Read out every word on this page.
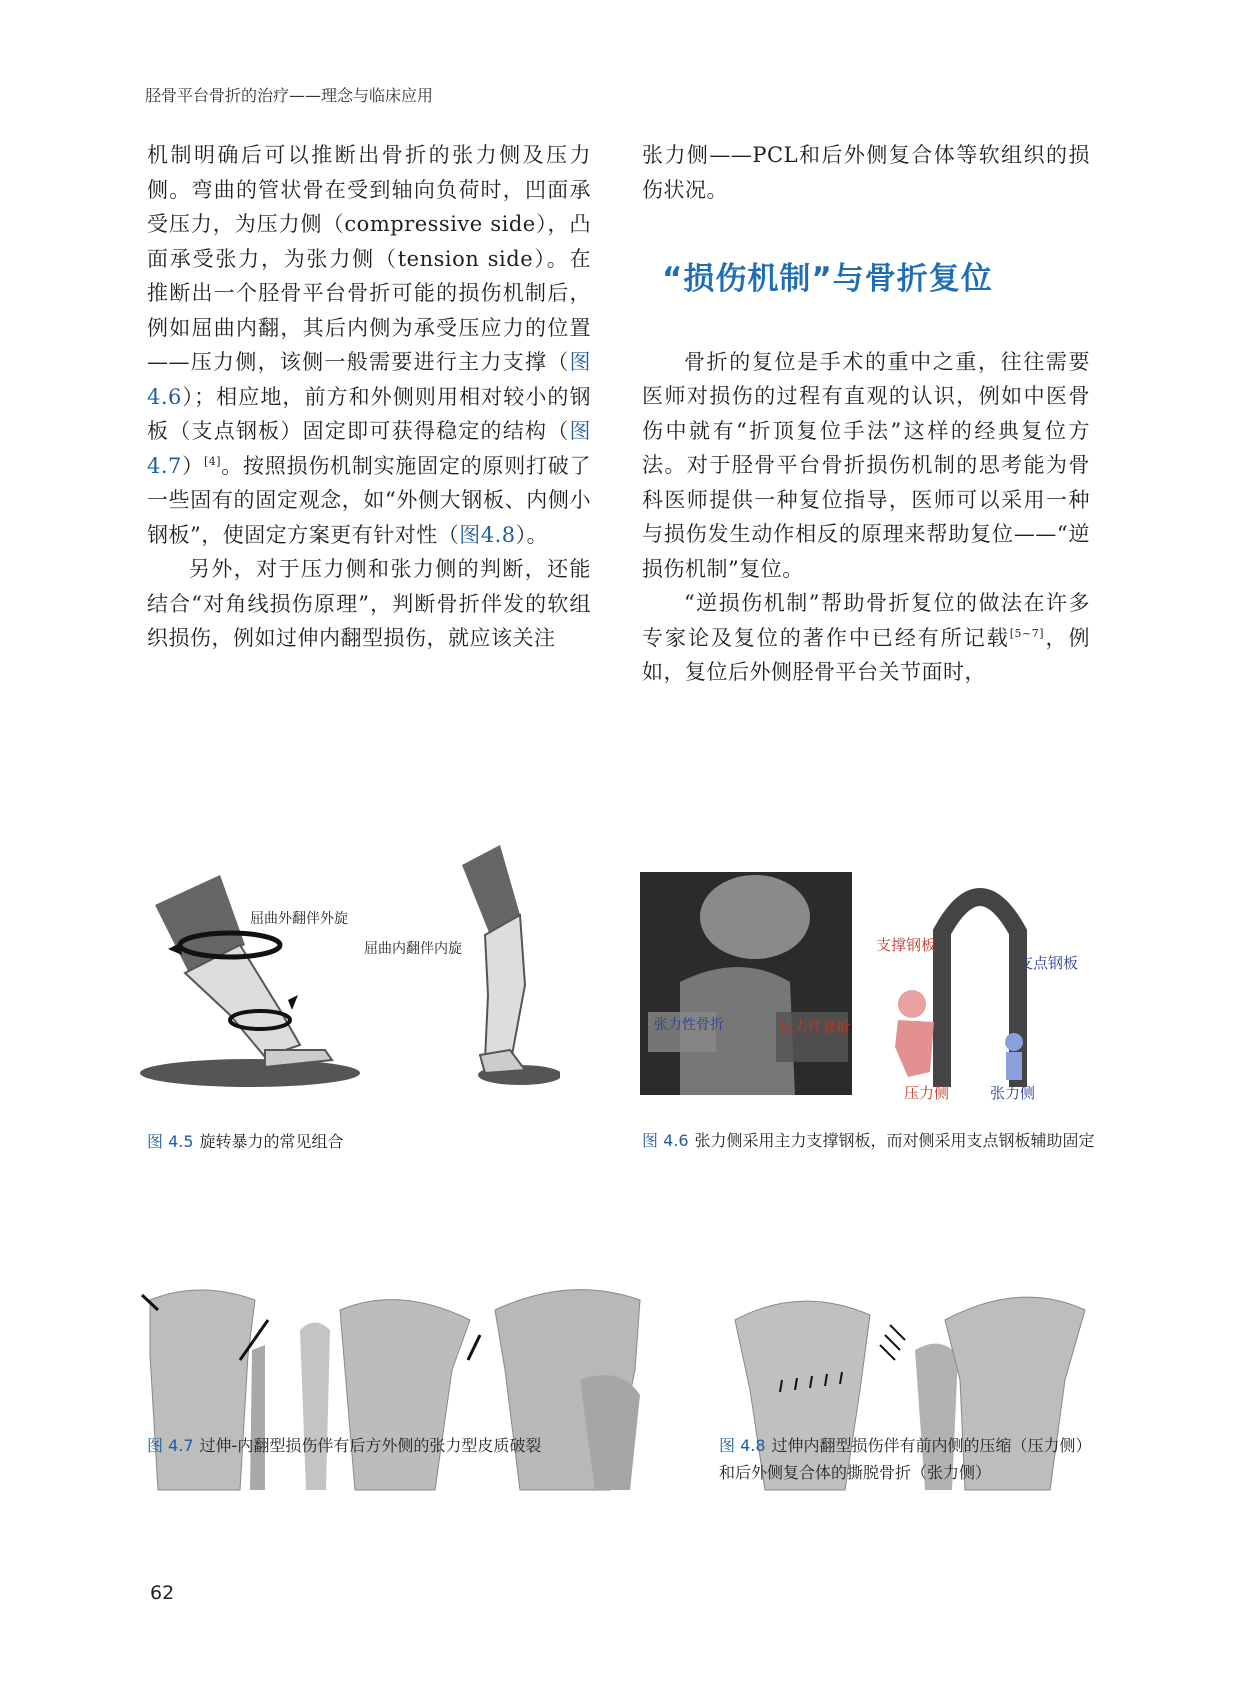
胫骨平台骨折的治疗——理念与临床应用

机制明确后可以推断出骨折的张力侧及压力侧。弯曲的管状骨在受到轴向负荷时，凹面承受压力，为压力侧（compressive side），凸面承受张力，为张力侧（tension side）。在推断出一个胫骨平台骨折可能的损伤机制后，例如屈曲内翻，其后内侧为承受压应力的位置——压力侧，该侧一般需要进行主力支撑（图4.6）；相应地，前方和外侧则用相对较小的钢板（支点钢板）固定即可获得稳定的结构（图4.7）[4]。按照损伤机制实施固定的原则打破了一些固有的固定观念，如“外侧大钢板、内侧小钢板”，使固定方案更有针对性（图4.8）。

另外，对于压力侧和张力侧的判断，还能结合“对角线损伤原理”，判断骨折伴发的软组织损伤，例如过伸内翻型损伤，就应该关注

张力侧——PCL和后外侧复合体等软组织的损伤状况。

“损伤机制”与骨折复位

骨折的复位是手术的重中之重，往往需要医师对损伤的过程有直观的认识，例如中医骨伤中就有“折顶复位手法”这样的经典复位方法。对于胫骨平台骨折损伤机制的思考能为骨科医师提供一种复位指导，医师可以采用一种与损伤发生动作相反的原理来帮助复位——“逆损伤机制”复位。

“逆损伤机制”帮助骨折复位的做法在许多专家论及复位的著作中已经有所记载[5~7]，例如，复位后外侧胫骨平台关节面时，

屈曲外翻伴外旋
屈曲内翻伴内旋
图 4.5 旋转暴力的常见组合
张力性骨折	压力性骨折
支撑钢板
支点钢板
压力侧	张力侧
图 4.6 张力侧采用主力支撑钢板，而对侧采用支点钢板辅助固定
图 4.7 过伸-内翻型损伤伴有后方外侧的张力型皮质破裂	图 4.8 过伸内翻型损伤伴有前内侧的压缩（压力侧）和后外侧复合体的撕脱骨折（张力侧）
62
